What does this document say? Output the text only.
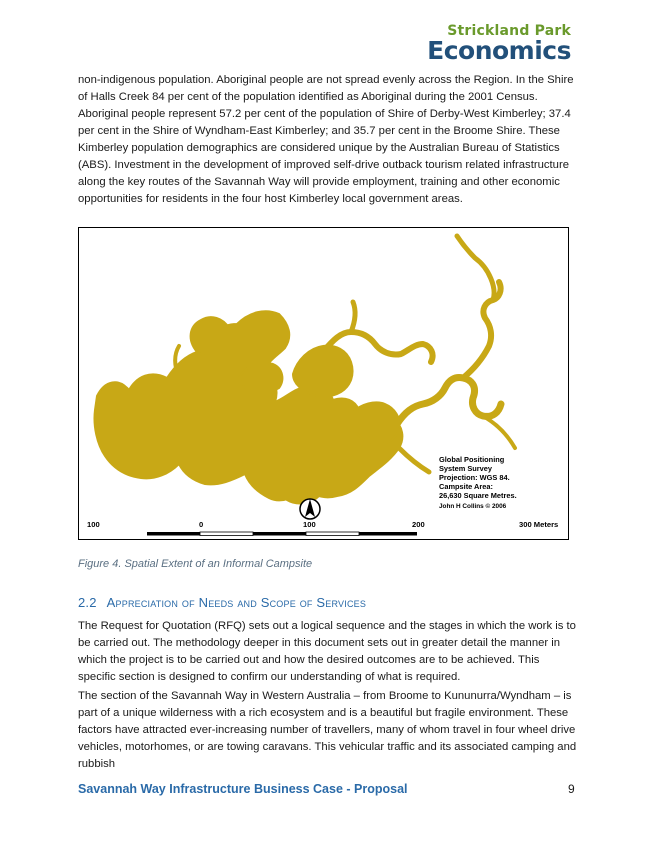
Strickland Park
Economics

non-indigenous population. Aboriginal people are not spread evenly across the Region. In the Shire of Halls Creek 84 per cent of the population identified as Aboriginal during the 2001 Census. Aboriginal people represent 57.2 per cent of the population of Shire of Derby-West Kimberley; 37.4 per cent in the Shire of Wyndham-East Kimberley; and 35.7 per cent in the Broome Shire. These Kimberley population demographics are considered unique by the Australian Bureau of Statistics (ABS). Investment in the development of improved self-drive outback tourism related infrastructure along the key routes of the Savannah Way will provide employment, training and other economic opportunities for residents in the four host Kimberley local government areas.

Global Positioning
System Survey
Projection: WGS 84.
Campsite Area:
26,630 Square Metres.
John H Collins © 2006
100	0	100	200	300 Meters
Figure 4. Spatial Extent of an Informal Campsite
2.2 Appreciation of Needs and Scope of Services

The Request for Quotation (RFQ) sets out a logical sequence and the stages in which the work is to be carried out. The methodology deeper in this document sets out in greater detail the manner in which the project is to be carried out and how the desired outcomes are to be achieved. This specific section is designed to confirm our understanding of what is required.

The section of the Savannah Way in Western Australia – from Broome to Kununurra/Wyndham – is part of a unique wilderness with a rich ecosystem and is a beautiful but fragile environment. These factors have attracted ever-increasing number of travellers, many of whom travel in four wheel drive vehicles, motorhomes, or are towing caravans. This vehicular traffic and its associated camping and rubbish

Savannah Way Infrastructure Business Case - Proposal	9
